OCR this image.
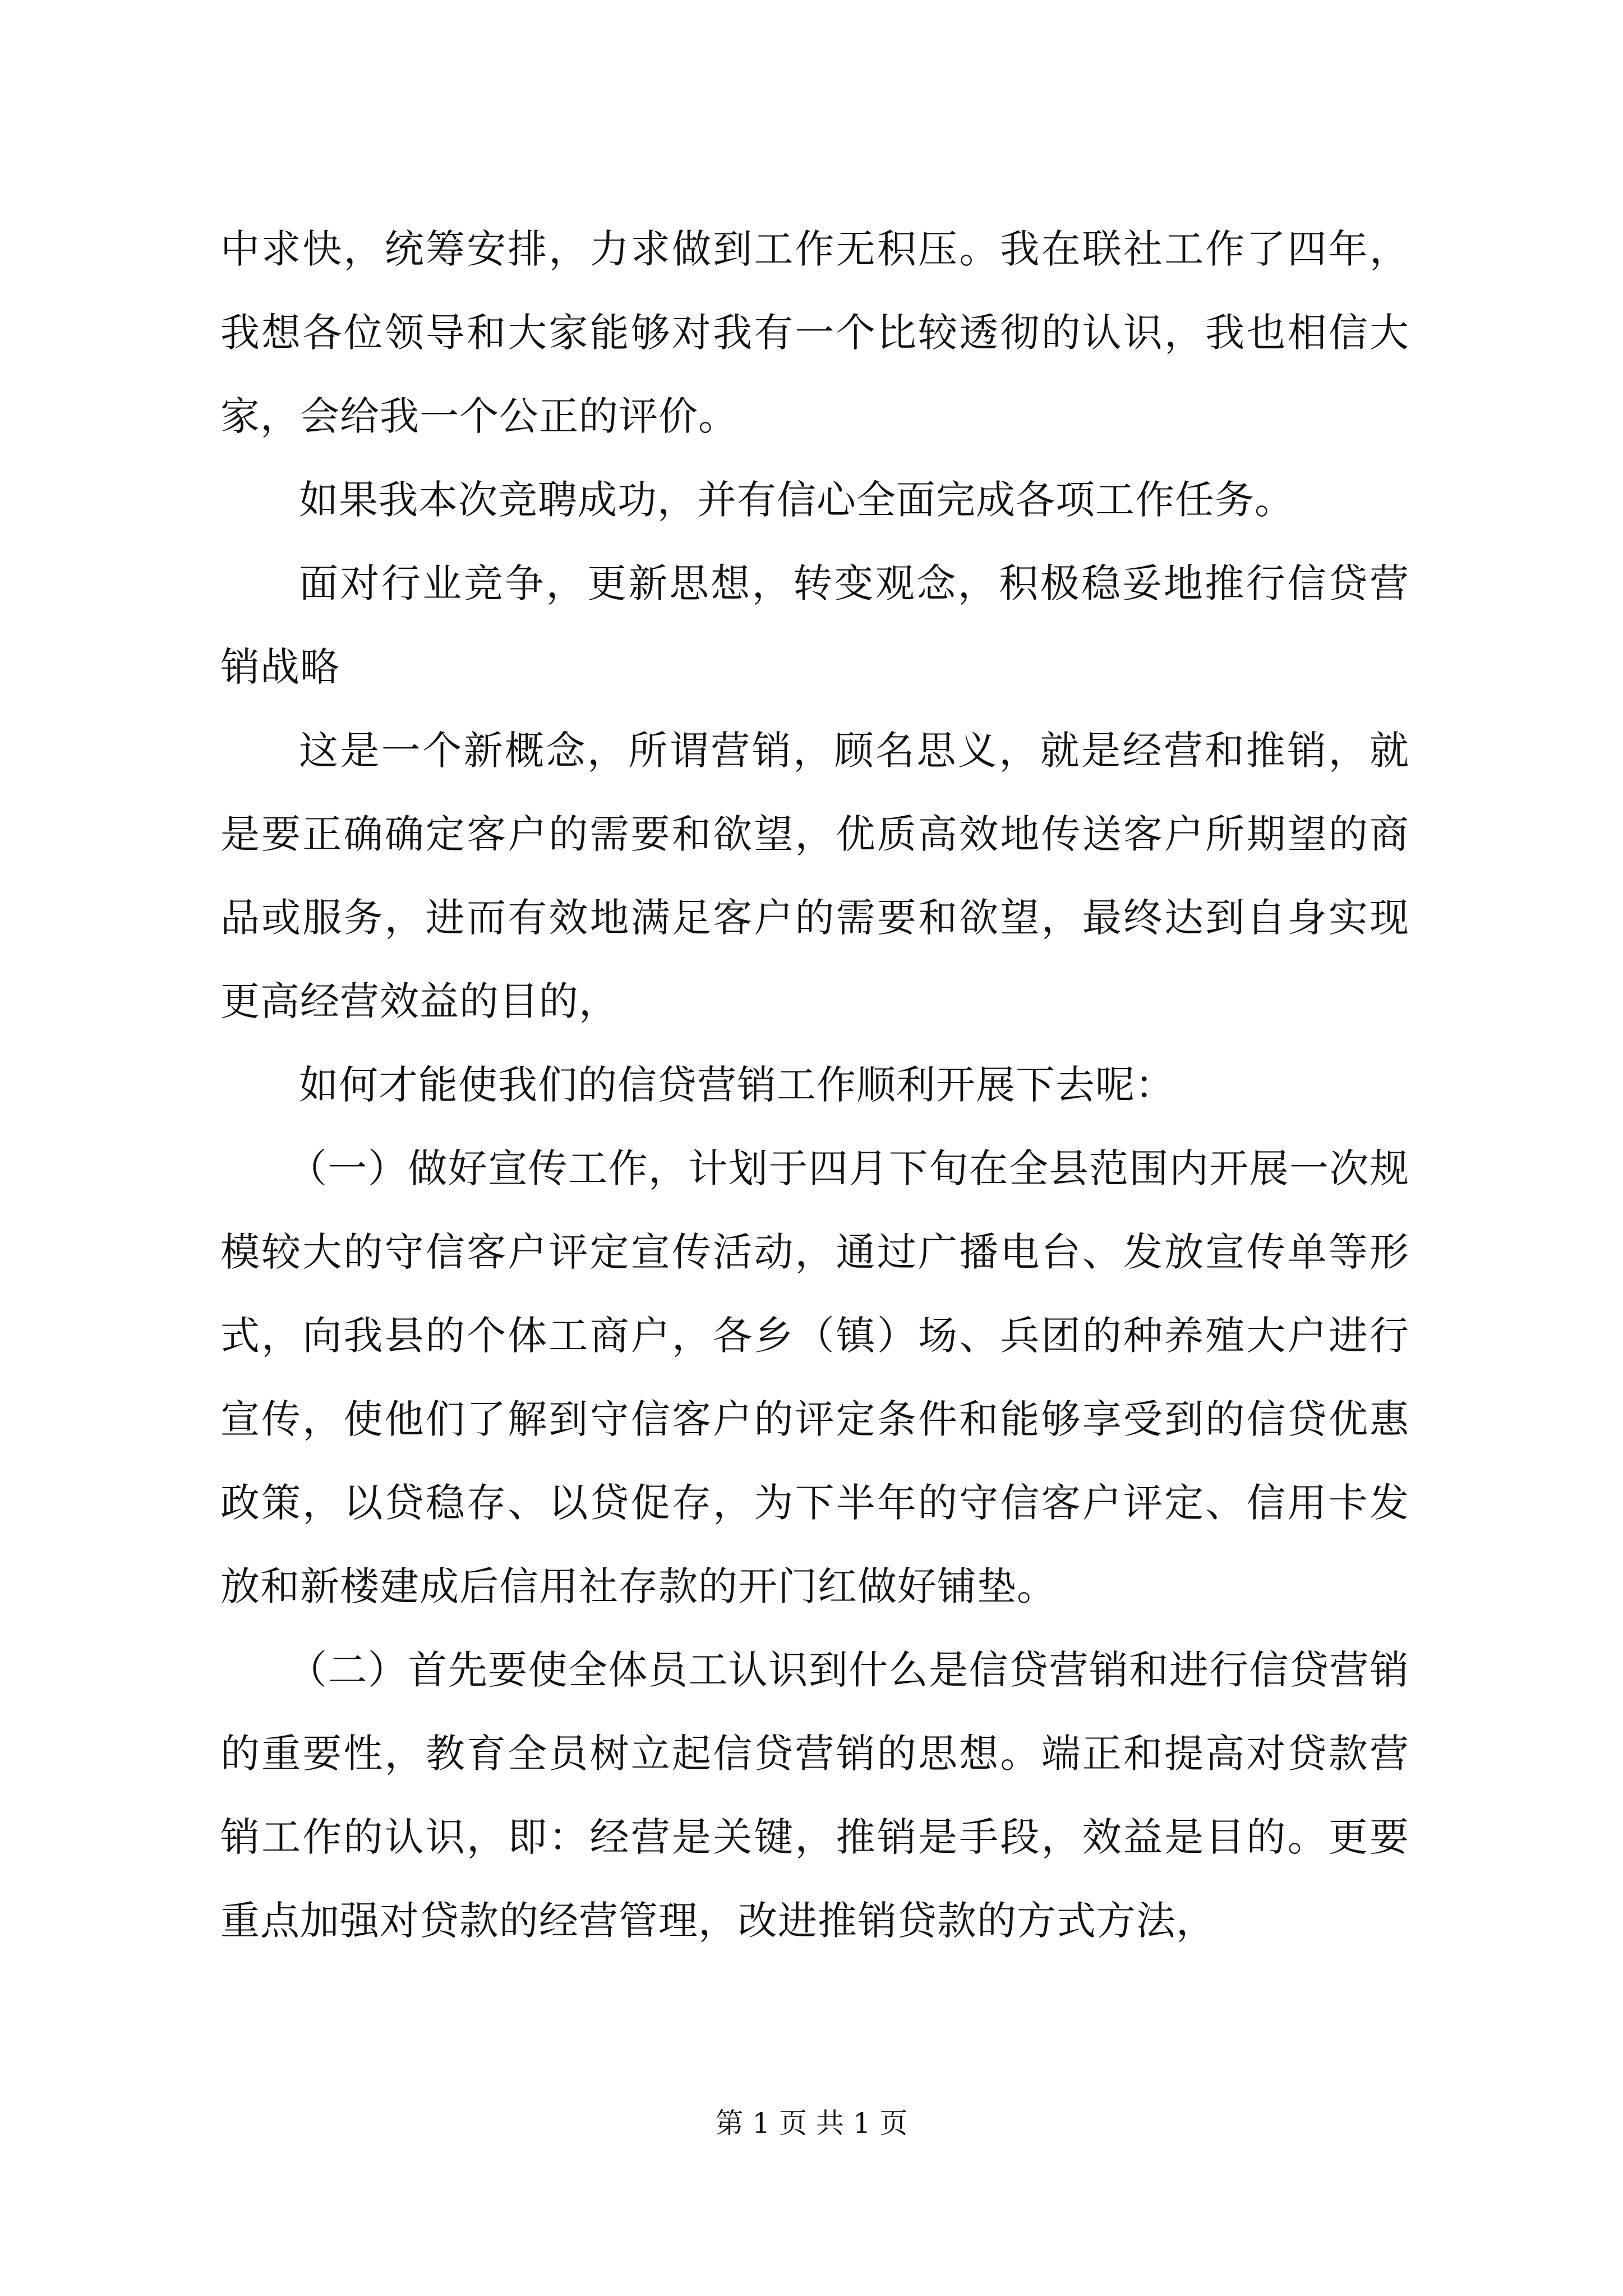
中求快，统筹安排，力求做到工作无积压。我在联社工作了四年，我想各位领导和大家能够对我有一个比较透彻的认识，我也相信大家，会给我一个公正的评价。

如果我本次竞聘成功，并有信心全面完成各项工作任务。

面对行业竞争，更新思想，转变观念，积极稳妥地推行信贷营销战略

这是一个新概念，所谓营销，顾名思义，就是经营和推销，就是要正确确定客户的需要和欲望，优质高效地传送客户所期望的商品或服务，进而有效地满足客户的需要和欲望，最终达到自身实现更高经营效益的目的，

如何才能使我们的信贷营销工作顺利开展下去呢：

（一）做好宣传工作，计划于四月下旬在全县范围内开展一次规模较大的守信客户评定宣传活动，通过广播电台、发放宣传单等形式，向我县的个体工商户，各乡（镇）场、兵团的种养殖大户进行宣传，使他们了解到守信客户的评定条件和能够享受到的信贷优惠政策，以贷稳存、以贷促存，为下半年的守信客户评定、信用卡发放和新楼建成后信用社存款的开门红做好铺垫。

（二）首先要使全体员工认识到什么是信贷营销和进行信贷营销的重要性，教育全员树立起信贷营销的思想。端正和提高对贷款营销工作的认识，即：经营是关键，推销是手段，效益是目的。更要重点加强对贷款的经营管理，改进推销贷款的方式方法，

第 1 页 共 1 页
